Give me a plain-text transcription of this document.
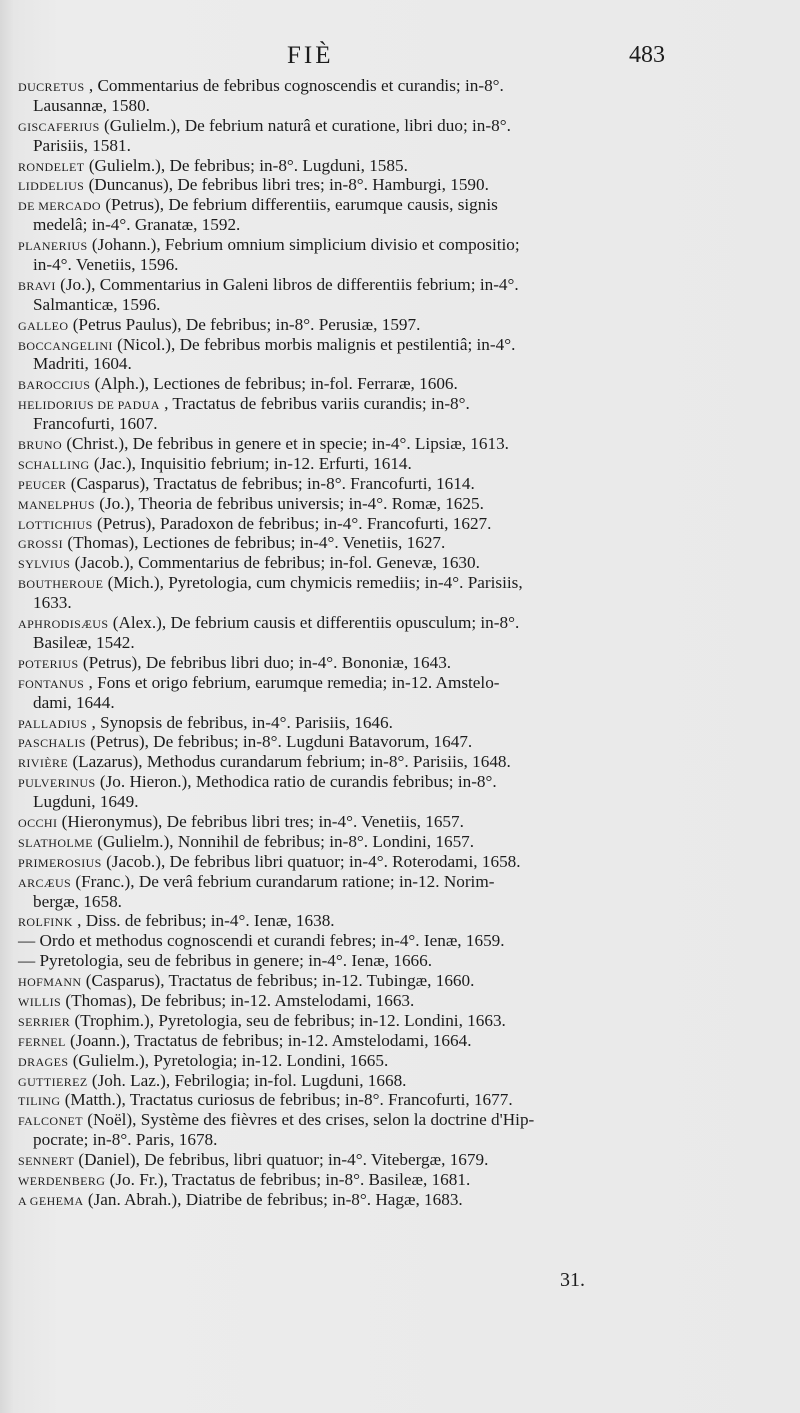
FIÈ	483
DUCRETUS , Commentarius de febribus cognoscendis et curandis; in-8°.
Lausannæ, 1580.
GISCAFERIUS (Gulielm.), De febrium naturâ et curatione, libri duo; in-8°.
Parisiis, 1581.
RONDELET (Gulielm.), De febribus; in-8°. Lugduni, 1585.
LIDDELIUS (Duncanus), De febribus libri tres; in-8°. Hamburgi, 1590.
DE MERCADO (Petrus), De febrium differentiis, earumque causis, signis
medelâ; in-4°. Granatæ, 1592.
PLANERIUS (Johann.), Febrium omnium simplicium divisio et compositio;
in-4°. Venetiis, 1596.
BRAVI (Jo.), Commentarius in Galeni libros de differentiis febrium; in-4°.
Salmanticæ, 1596.
GALLEO (Petrus Paulus), De febribus; in-8°. Perusiæ, 1597.
BOCCANGELINI (Nicol.), De febribus morbis malignis et pestilentiâ; in-4°.
Madriti, 1604.
BAROCCIUS (Alph.), Lectiones de febribus; in-fol. Ferraræ, 1606.
HELIDORIUS DE PADUA , Tractatus de febribus variis curandis; in-8°.
Francofurti, 1607.
BRUNO (Christ.), De febribus in genere et in specie; in-4°. Lipsiæ, 1613.
SCHALLING (Jac.), Inquisitio febrium; in-12. Erfurti, 1614.
PEUCER (Casparus), Tractatus de febribus; in-8°. Francofurti, 1614.
MANELPHUS (Jo.), Theoria de febribus universis; in-4°. Romæ, 1625.
LOTTICHIUS (Petrus), Paradoxon de febribus; in-4°. Francofurti, 1627.
GROSSI (Thomas), Lectiones de febribus; in-4°. Venetiis, 1627.
SYLVIUS (Jacob.), Commentarius de febribus; in-fol. Genevæ, 1630.
BOUTHEROUE (Mich.), Pyretologia, cum chymicis remediis; in-4°. Parisiis,
1633.
APHRODISÆUS (Alex.), De febrium causis et differentiis opusculum; in-8°.
Basileæ, 1542.
POTERIUS (Petrus), De febribus libri duo; in-4°. Bononiæ, 1643.
FONTANUS , Fons et origo febrium, earumque remedia; in-12. Amstelo-
dami, 1644.
PALLADIUS , Synopsis de febribus, in-4°. Parisiis, 1646.
PASCHALIS (Petrus), De febribus; in-8°. Lugduni Batavorum, 1647.
RIVIÈRE (Lazarus), Methodus curandarum febrium; in-8°. Parisiis, 1648.
PULVERINUS (Jo. Hieron.), Methodica ratio de curandis febribus; in-8°.
Lugduni, 1649.
OCCHI (Hieronymus), De febribus libri tres; in-4°. Venetiis, 1657.
SLATHOLME (Gulielm.), Nonnihil de febribus; in-8°. Londini, 1657.
PRIMEROSIUS (Jacob.), De febribus libri quatuor; in-4°. Roterodami, 1658.
ARCÆUS (Franc.), De verâ febrium curandarum ratione; in-12. Norim-
bergæ, 1658.
ROLFINK , Diss. de febribus; in-4°. Ienæ, 1638.
— Ordo et methodus cognoscendi et curandi febres; in-4°. Ienæ, 1659.
— Pyretologia, seu de febribus in genere; in-4°. Ienæ, 1666.
HOFMANN (Casparus), Tractatus de febribus; in-12. Tubingæ, 1660.
WILLIS (Thomas), De febribus; in-12. Amstelodami, 1663.
SERRIER (Trophim.), Pyretologia, seu de febribus; in-12. Londini, 1663.
FERNEL (Joann.), Tractatus de febribus; in-12. Amstelodami, 1664.
DRAGES (Gulielm.), Pyretologia; in-12. Londini, 1665.
GUTTIEREZ (Joh. Laz.), Febrilogia; in-fol. Lugduni, 1668.
TILING (Matth.), Tractatus curiosus de febribus; in-8°. Francofurti, 1677.
FALCONET (Noël), Système des fièvres et des crises, selon la doctrine d'Hip-
pocrate; in-8°. Paris, 1678.
SENNERT (Daniel), De febribus, libri quatuor; in-4°. Vitebergæ, 1679.
WERDENBERG (Jo. Fr.), Tractatus de febribus; in-8°. Basileæ, 1681.
A GEHEMA (Jan. Abrah.), Diatribe de febribus; in-8°. Hagæ, 1683.
31.
